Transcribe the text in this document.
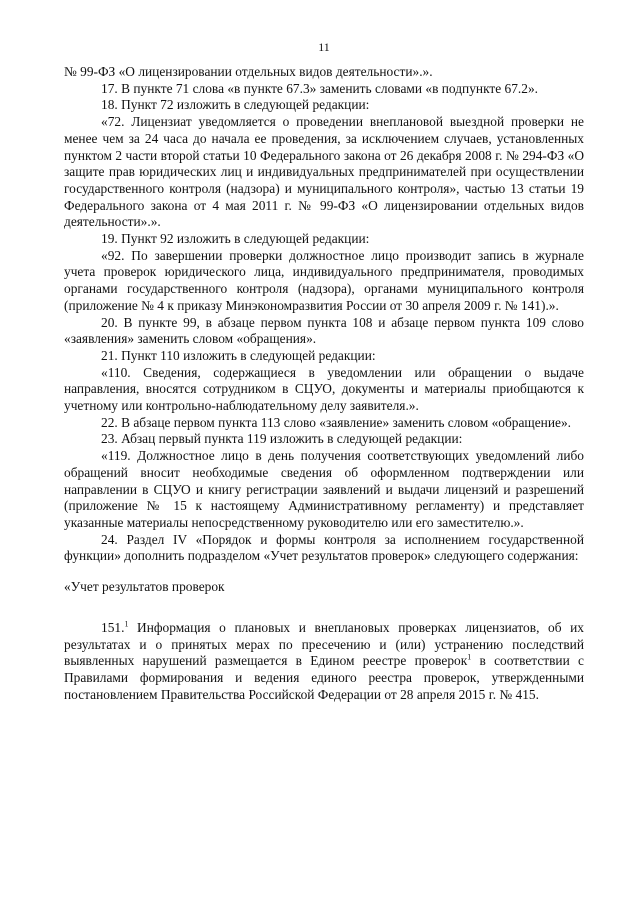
11

№ 99-ФЗ «О лицензировании отдельных видов деятельности».».

17. В пункте 71 слова «в пункте 67.3» заменить словами «в подпункте 67.2».

18. Пункт 72 изложить в следующей редакции:

«72. Лицензиат уведомляется о проведении внеплановой выездной проверки не менее чем за 24 часа до начала ее проведения, за исключением случаев, установленных пунктом 2 части второй статьи 10 Федерального закона от 26 декабря 2008 г. № 294-ФЗ «О защите прав юридических лиц и индивидуальных предпринимателей при осуществлении государственного контроля (надзора) и муниципального контроля», частью 13 статьи 19 Федерального закона от 4 мая 2011 г. № 99-ФЗ «О лицензировании отдельных видов деятельности».».

19. Пункт 92 изложить в следующей редакции:

«92. По завершении проверки должностное лицо производит запись в журнале учета проверок юридического лица, индивидуального предпринимателя, проводимых органами государственного контроля (надзора), органами муниципального контроля (приложение № 4 к приказу Минэкономразвития России от 30 апреля 2009 г. № 141).».

20. В пункте 99, в абзаце первом пункта 108 и абзаце первом пункта 109 слово «заявления» заменить словом «обращения».

21. Пункт 110 изложить в следующей редакции:

«110. Сведения, содержащиеся в уведомлении или обращении о выдаче направления, вносятся сотрудником в СЦУО, документы и материалы приобщаются к учетному или контрольно-наблюдательному делу заявителя.».

22. В абзаце первом пункта 113 слово «заявление» заменить словом «обращение».

23. Абзац первый пункта 119 изложить в следующей редакции:

«119. Должностное лицо в день получения соответствующих уведомлений либо обращений вносит необходимые сведения об оформленном подтверждении или направлении в СЦУО и книгу регистрации заявлений и выдачи лицензий и разрешений (приложение № 15 к настоящему Административному регламенту) и представляет указанные материалы непосредственному руководителю или его заместителю.».

24. Раздел IV «Порядок и формы контроля за исполнением государственной функции» дополнить подразделом «Учет результатов проверок» следующего содержания:

«Учет результатов проверок

151.$^1$ Информация о плановых и внеплановых проверках лицензиатов, об их результатах и о принятых мерах по пресечению и (или) устранению последствий выявленных нарушений размещается в Едином реестре проверок$^1$ в соответствии с Правилами формирования и ведения единого реестра проверок, утвержденными постановлением Правительства Российской Федерации от 28 апреля 2015 г. № 415.
